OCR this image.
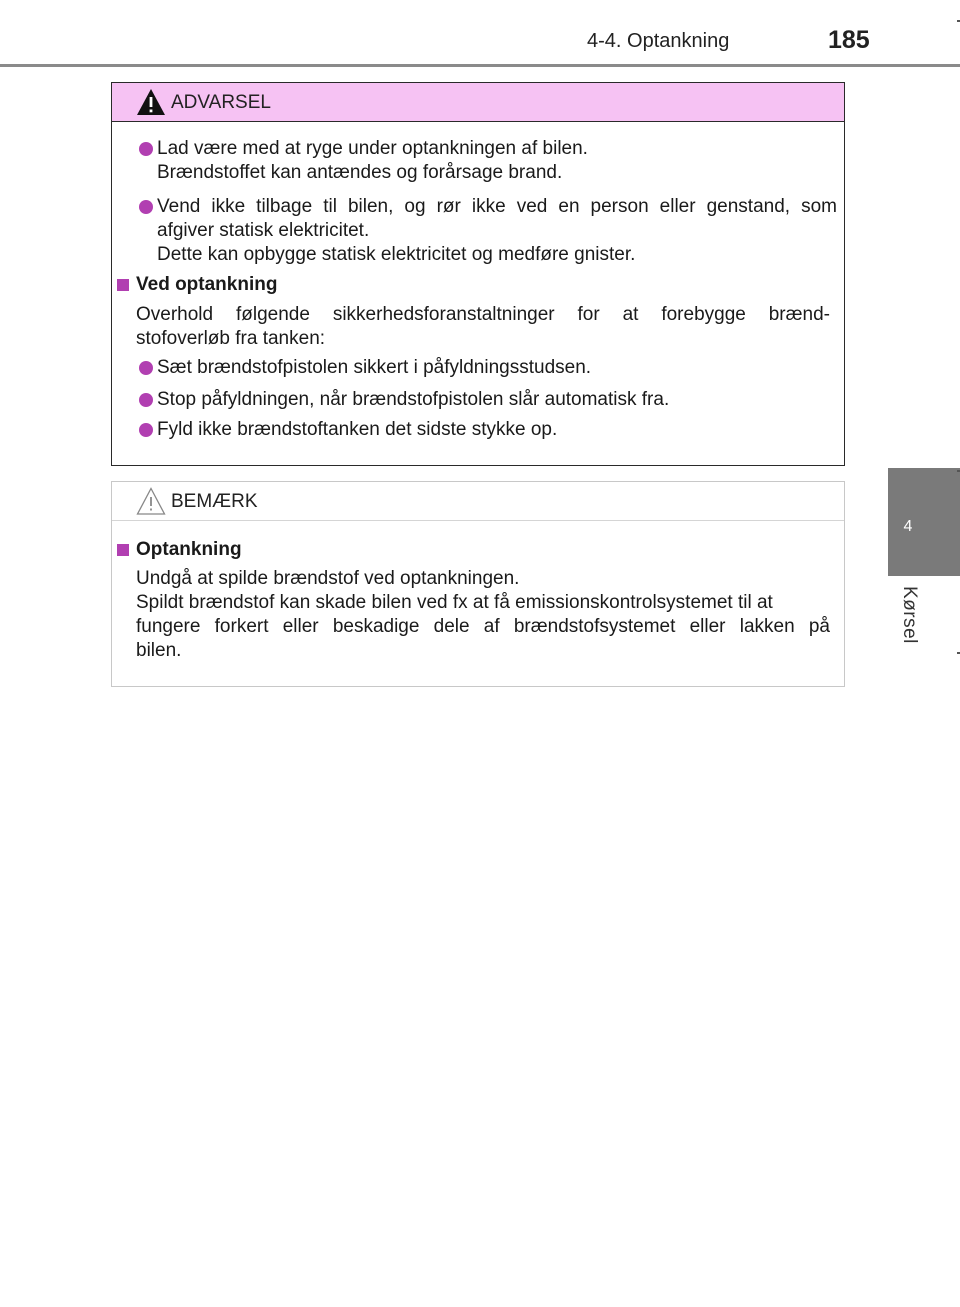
4-4. Optankning	185
4
Kørsel
ADVARSEL
Lad være med at ryge under optankningen af bilen.
Brændstoffet kan antændes og forårsage brand.
Vend ikke tilbage til bilen, og rør ikke ved en person eller genstand, som
afgiver statisk elektricitet.
Dette kan opbygge statisk elektricitet og medføre gnister.
Ved optankning
Overhold følgende sikkerhedsforanstaltninger for at forebygge brænd-
stofoverløb fra tanken:
Sæt brændstofpistolen sikkert i påfyldningsstudsen.
Stop påfyldningen, når brændstofpistolen slår automatisk fra.
Fyld ikke brændstoftanken det sidste stykke op.
BEMÆRK
Optankning
Undgå at spilde brændstof ved optankningen.
Spildt brændstof kan skade bilen ved fx at få emissionskontrolsystemet til at
fungere forkert eller beskadige dele af brændstofsystemet eller lakken på
bilen.
